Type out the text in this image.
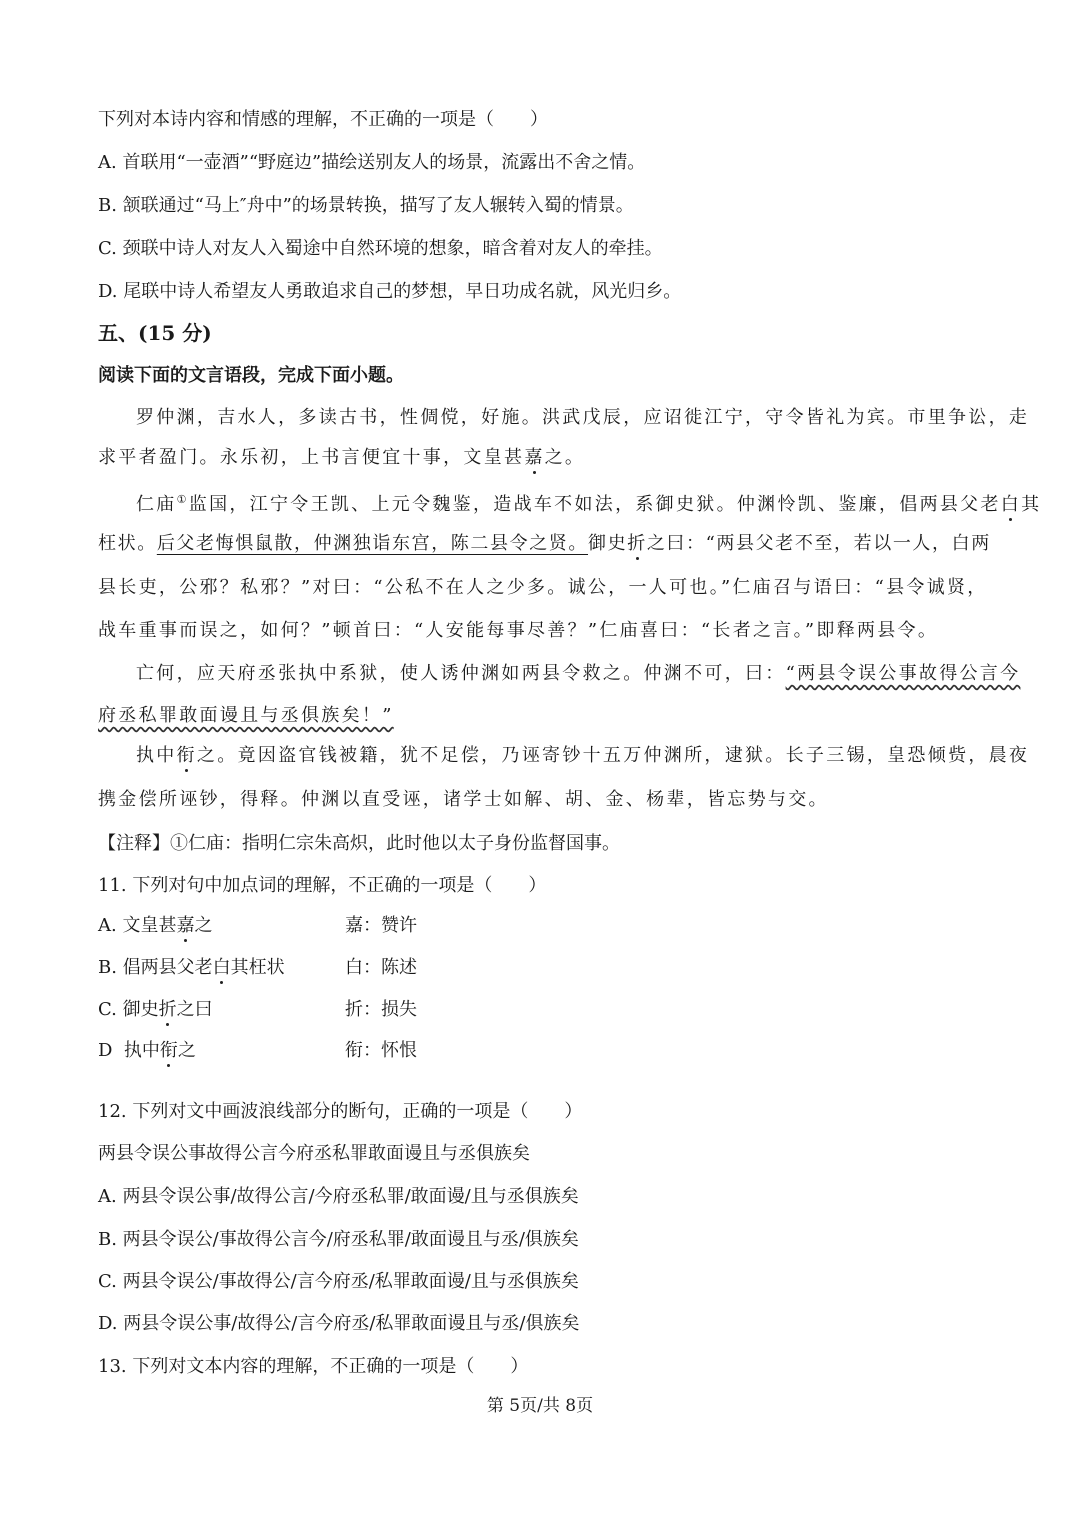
下列对本诗内容和情感的理解，不正确的一项是（　　）
A. 首联用“一壶酒”“野庭边”描绘送别友人的场景，流露出不舍之情。
B. 颔联通过“马上″舟中”的场景转换，描写了友人辗转入蜀的情景。
C. 颈联中诗人对友人入蜀途中自然环境的想象，暗含着对友人的牵挂。
D. 尾联中诗人希望友人勇敢追求自己的梦想，早日功成名就，风光归乡。
五、(15 分)
阅读下面的文言语段，完成下面小题。
罗仲渊，吉水人，多读古书，性倜傥，好施。洪武戊辰，应诏徙江宁，守令皆礼为宾。市里争讼，走
求平者盈门。永乐初，上书言便宜十事，文皇甚嘉之。
仁庙①监国，江宁令王凯、上元令魏鉴，造战车不如法，系御史狱。仲渊怜凯、鉴廉，倡两县父老白其
枉状。后父老悔惧鼠散，仲渊独诣东宫，陈二县令之贤。御史折之曰：“两县父老不至，若以一人，白两
县长吏，公邪？私邪？”对曰：“公私不在人之少多。诚公，一人可也。”仁庙召与语曰：“县令诚贤，
战车重事而误之，如何？”顿首曰：“人安能每事尽善？”仁庙喜曰：“长者之言。”即释两县令。
亡何，应天府丞张执中系狱，使人诱仲渊如两县令救之。仲渊不可，曰：“两县令误公事故得公言今
府丞私罪敢面谩且与丞俱族矣！”
执中衔之。竟因盗官钱被籍，犹不足偿，乃诬寄钞十五万仲渊所，逮狱。长子三锡，皇恐倾赀，晨夜
携金偿所诬钞，得释。仲渊以直受诬，诸学士如解、胡、金、杨辈，皆忘势与交。
【注释】①仁庙：指明仁宗朱高炽，此时他以太子身份监督国事。
11. 下列对句中加点词的理解，不正确的一项是（　　）
A. 文皇甚嘉之	嘉：赞许
B. 倡两县父老白其枉状	白：陈述
C. 御史折之曰	折：损失
D  执中衔之	衔：怀恨
12. 下列对文中画波浪线部分的断句，正确的一项是（　　）
两县令误公事故得公言今府丞私罪敢面谩且与丞俱族矣
A. 两县令误公事/故得公言/今府丞私罪/敢面谩/且与丞俱族矣
B. 两县令误公/事故得公言今/府丞私罪/敢面谩且与丞/俱族矣
C. 两县令误公/事故得公/言今府丞/私罪敢面谩/且与丞俱族矣
D. 两县令误公事/故得公/言今府丞/私罪敢面谩且与丞/俱族矣
13. 下列对文本内容的理解，不正确的一项是（　　）
第 5页/共 8页
